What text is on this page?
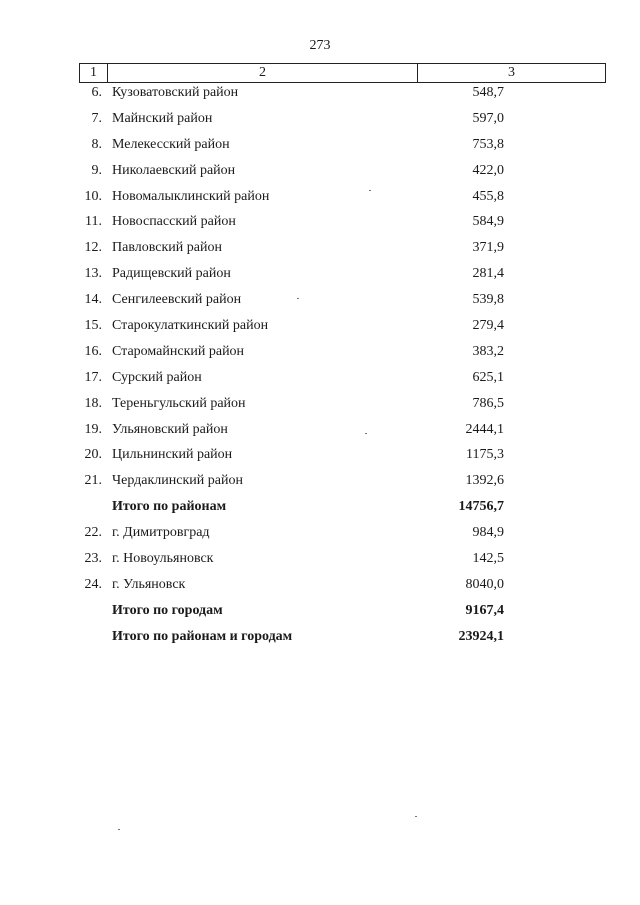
273
1	2	3
6. Кузоватовский район	548,7
7. Майнский район	597,0
8. Мелекесский район	753,8
9. Николаевский район	422,0
10. Новомалыклинский район	455,8
11. Новоспасский район	584,9
12. Павловский район	371,9
13. Радищевский район	281,4
14. Сенгилеевский район	539,8
15. Старокулаткинский район	279,4
16. Старомайнский район	383,2
17. Сурский район	625,1
18. Тереньгульский район	786,5
19. Ульяновский район	2444,1
20. Цильнинский район	1175,3
21. Чердаклинский район	1392,6
Итого по районам	14756,7
22. г. Димитровград	984,9
23. г. Новоульяновск	142,5
24. г. Ульяновск	8040,0
Итого по городам	9167,4
Итого по районам и городам	23924,1
